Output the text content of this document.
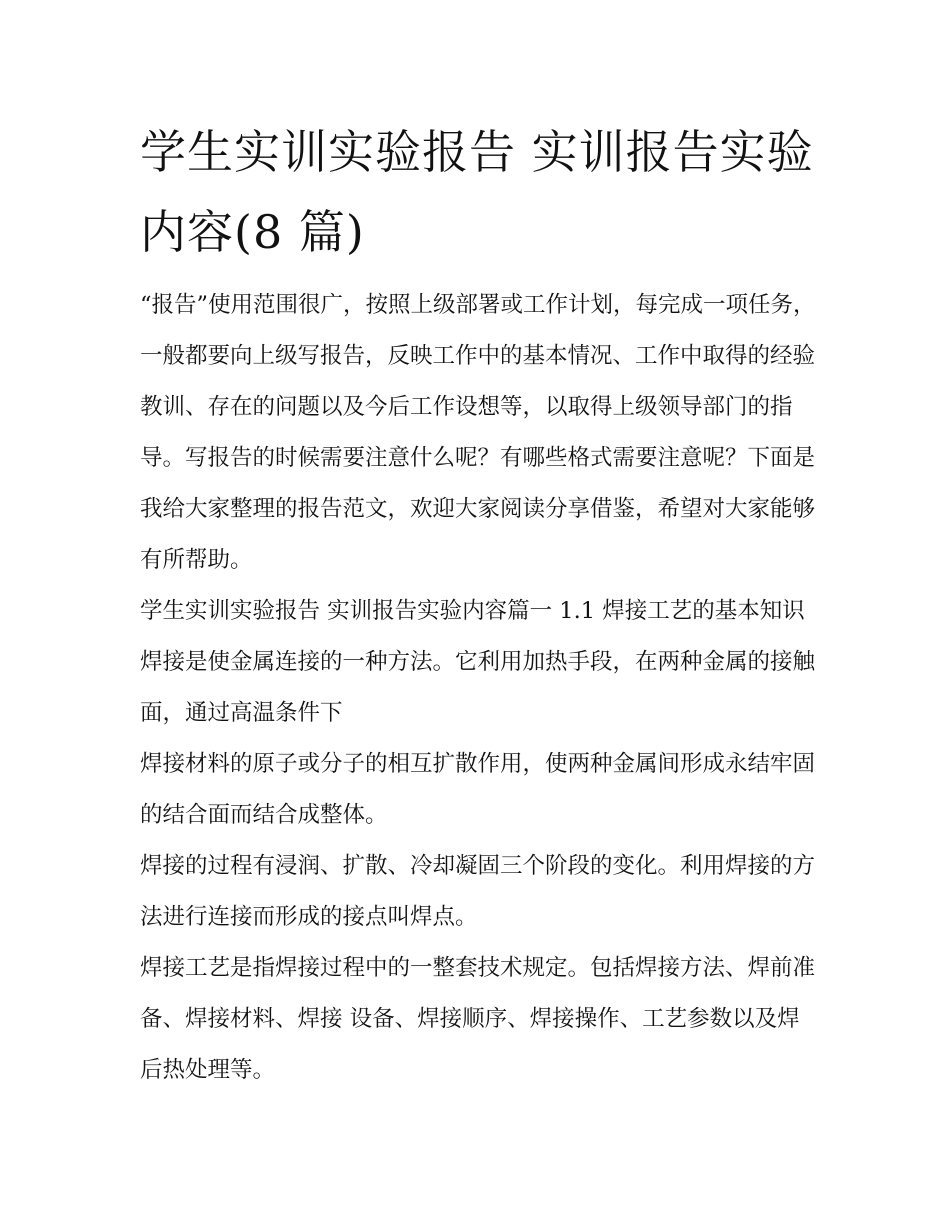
学生实训实验报告 实训报告实验内容(8 篇)

“报告”使用范围很广，按照上级部署或工作计划，每完成一项任务，一般都要向上级写报告，反映工作中的基本情况、工作中取得的经验教训、存在的问题以及今后工作设想等，以取得上级领导部门的指导。写报告的时候需要注意什么呢？有哪些格式需要注意呢？下面是我给大家整理的报告范文，欢迎大家阅读分享借鉴，希望对大家能够有所帮助。

学生实训实验报告 实训报告实验内容篇一 1.1 焊接工艺的基本知识 焊接是使金属连接的一种方法。它利用加热手段，在两种金属的接触面，通过高温条件下

焊接材料的原子或分子的相互扩散作用，使两种金属间形成永结牢固的结合面而结合成整体。

焊接的过程有浸润、扩散、冷却凝固三个阶段的变化。利用焊接的方法进行连接而形成的接点叫焊点。

焊接工艺是指焊接过程中的一整套技术规定。包括焊接方法、焊前准备、焊接材料、焊接 设备、焊接顺序、焊接操作、工艺参数以及焊后热处理等。
